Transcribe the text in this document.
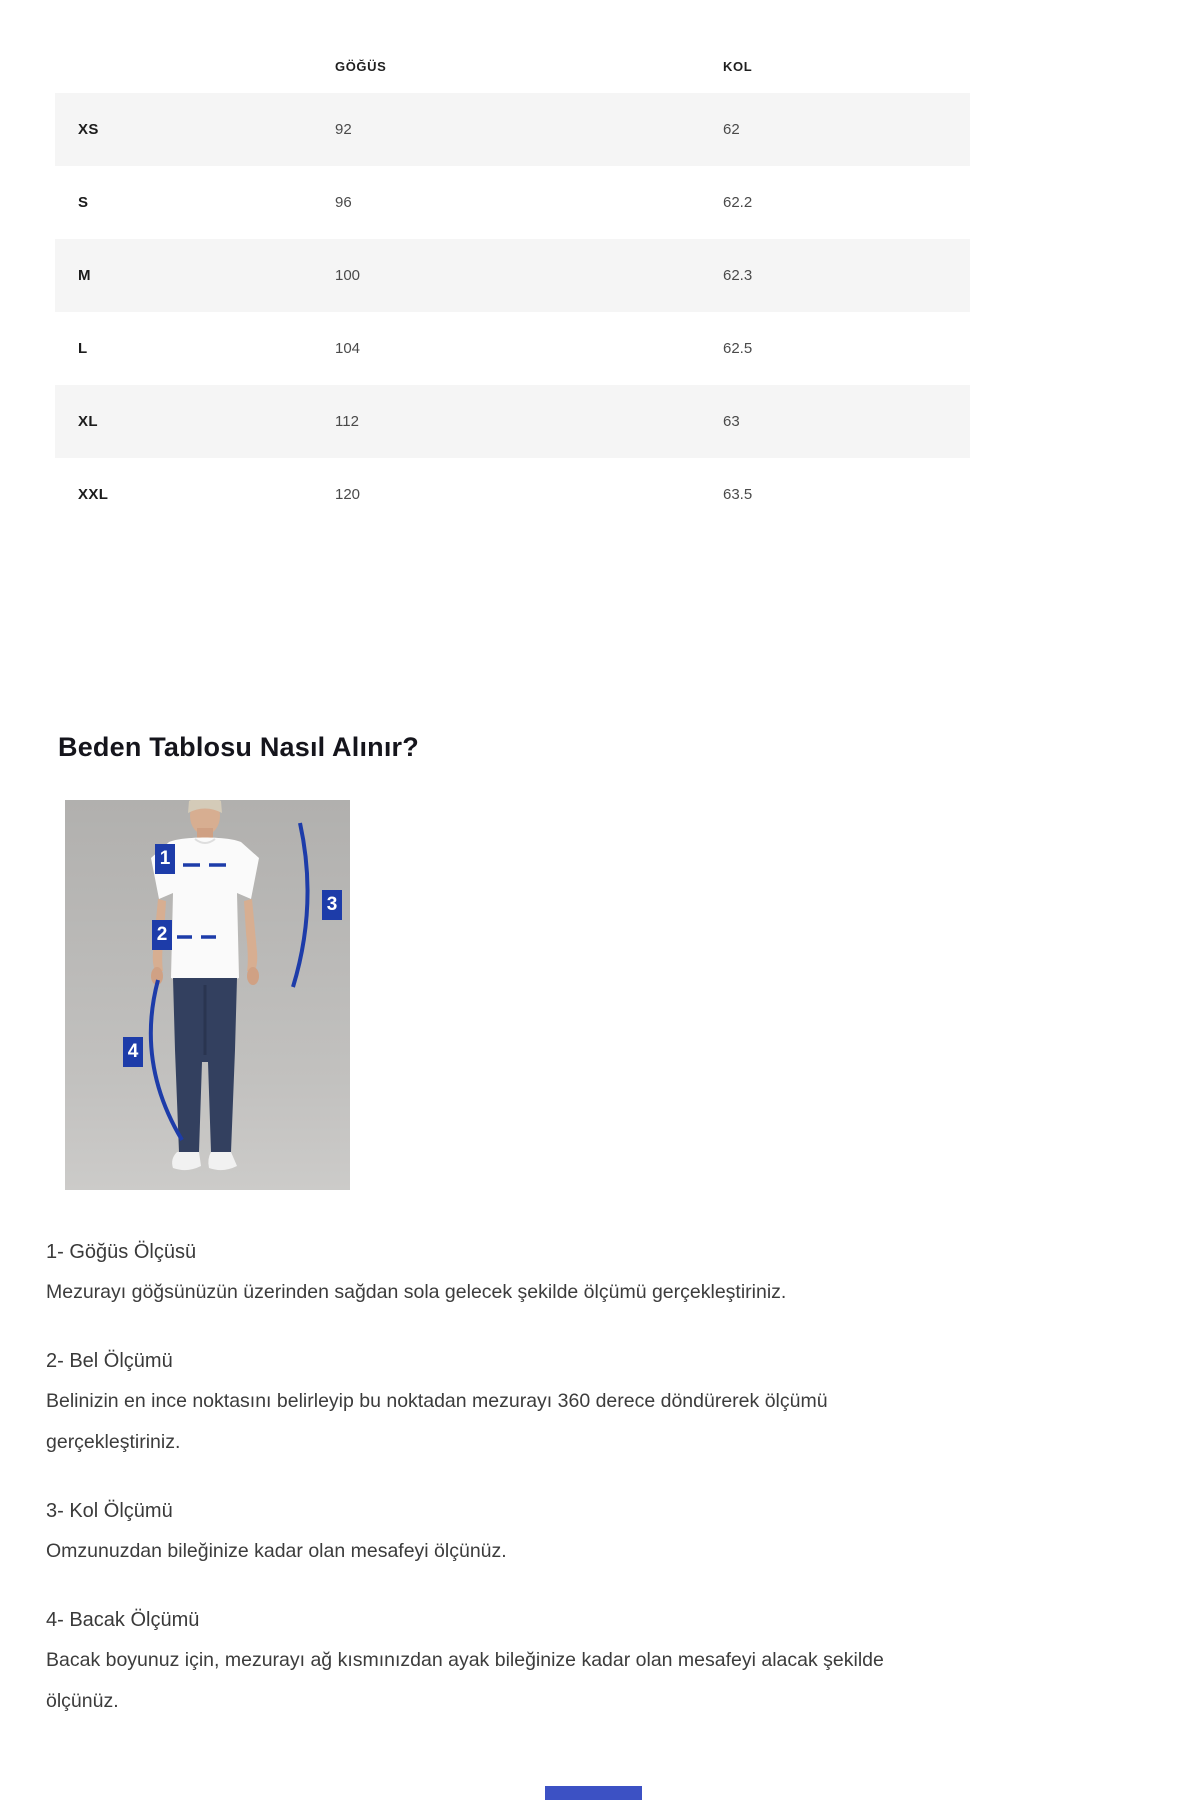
	GÖĞÜS	KOL
XS	92	62
S	96	62.2
M	100	62.3
L	104	62.5
XL	112	63
XXL	120	63.5
Beden Tablosu Nasıl Alınır?
1
2
3
4
1- Göğüs Ölçüsü
Mezurayı göğsünüzün üzerinden sağdan sola gelecek şekilde ölçümü gerçekleştiriniz.
2- Bel Ölçümü
Belinizin en ince noktasını belirleyip bu noktadan mezurayı 360 derece döndürerek ölçümü gerçekleştiriniz.
3- Kol Ölçümü
Omzunuzdan bileğinize kadar olan mesafeyi ölçünüz.
4- Bacak Ölçümü
Bacak boyunuz için, mezurayı ağ kısmınızdan ayak bileğinize kadar olan mesafeyi alacak şekilde ölçünüz.
